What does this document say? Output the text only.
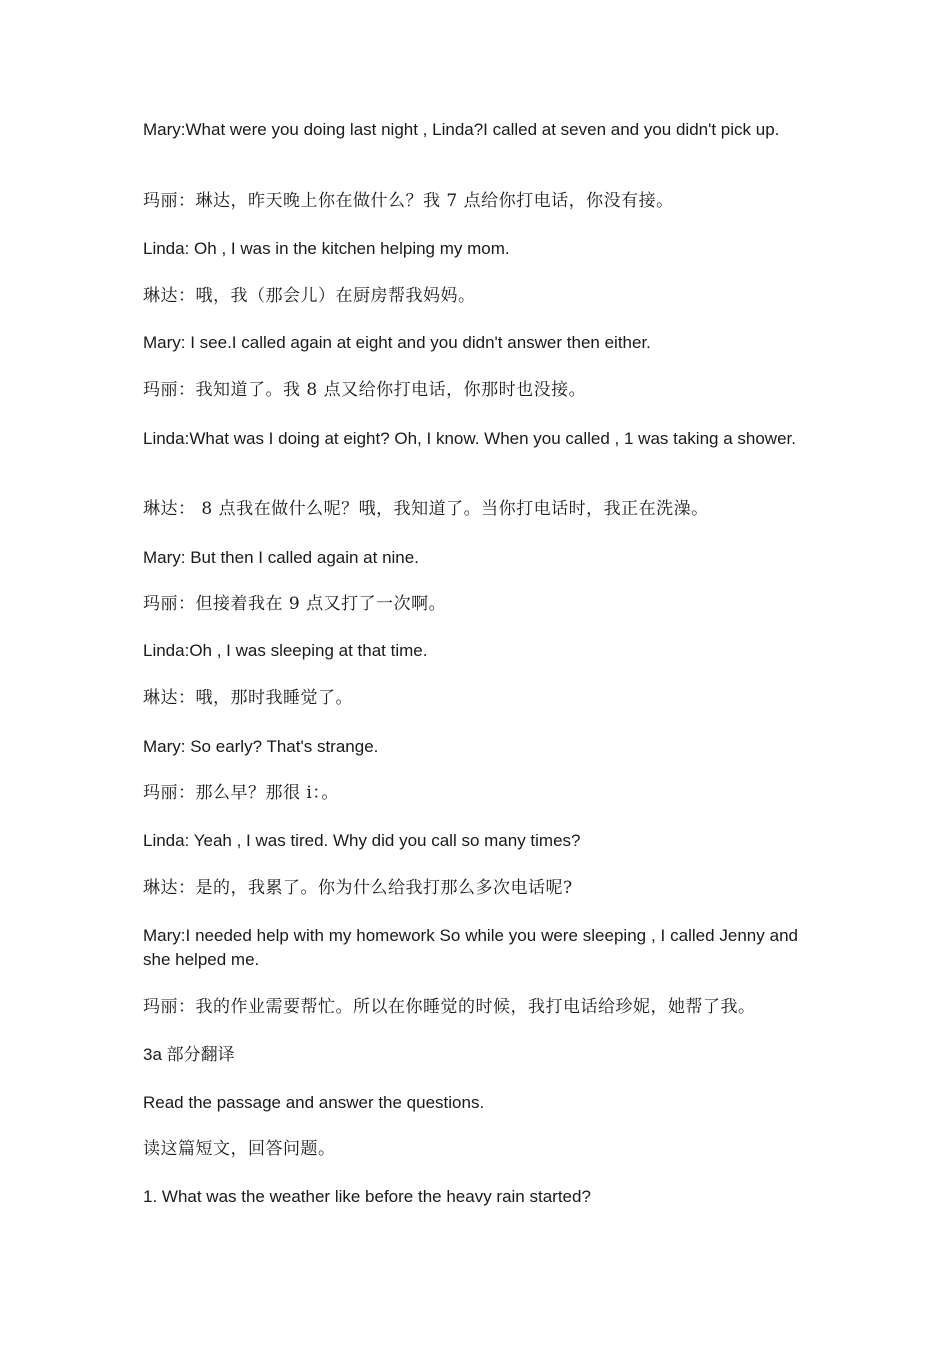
Mary:What were you doing last night , Linda?I called at seven and you didn't pick up.

玛丽：琳达，昨天晚上你在做什么？我 7 点给你打电话，你没有接。

Linda: Oh , I was in the kitchen helping my mom.

琳达：哦，我（那会儿）在厨房帮我妈妈。

Mary: I see.I called again at eight and you didn't answer then either.

玛丽：我知道了。我 8 点又给你打电话，你那时也没接。

Linda:What was I doing at eight? Oh, I know. When you called , 1 was taking a shower.

琳达： 8 点我在做什么呢？哦，我知道了。当你打电话时，我正在洗澡。

Mary: But then I called again at nine.

玛丽：但接着我在 9 点又打了一次啊。

Linda:Oh , I was sleeping at that time.

琳达：哦，那时我睡觉了。

Mary: So early? That's strange.

玛丽：那么早？那很 i：。

Linda: Yeah , I was tired. Why did you call so many times?

琳达：是的，我累了。你为什么给我打那么多次电话呢?

Mary:I needed help with my homework So while you were sleeping , I called Jenny and she helped me.

玛丽：我的作业需要帮忙。所以在你睡觉的时候，我打电话给珍妮，她帮了我。

3a 部分翻译

Read the passage and answer the questions.

读这篇短文，回答问题。

1. What was the weather like before the heavy rain started?
